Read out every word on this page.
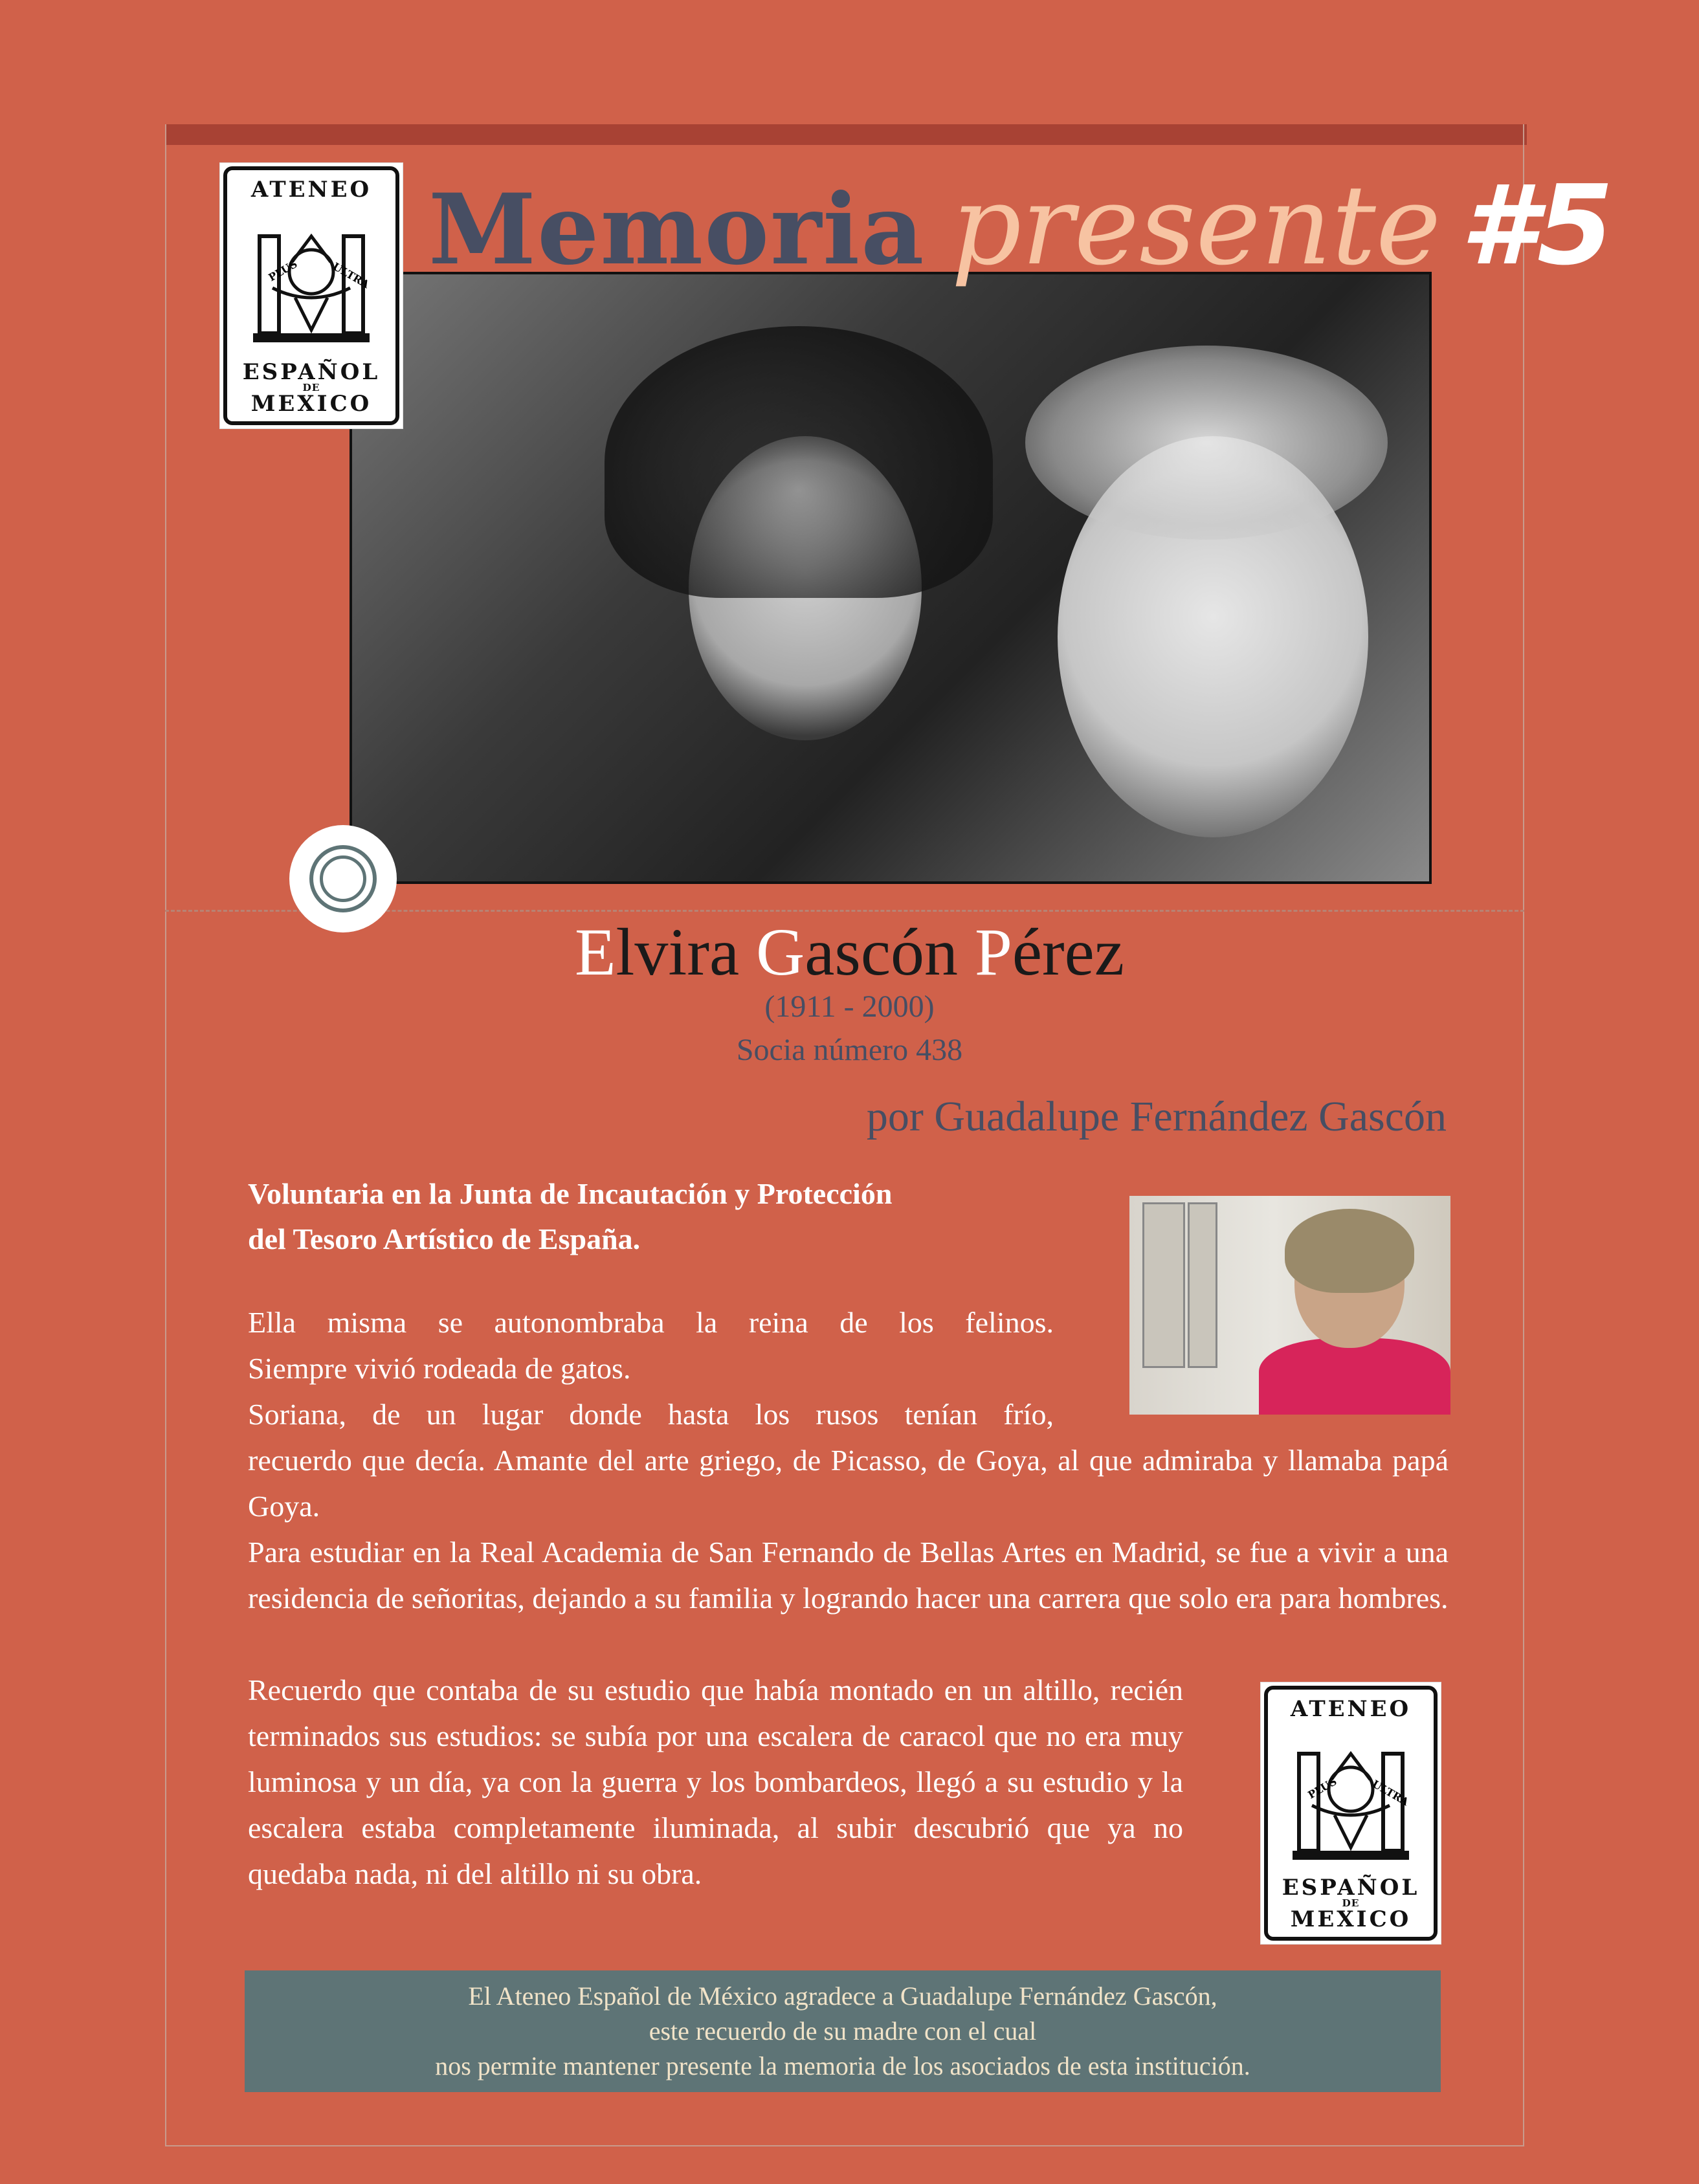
ATENEO
PLUS	ULTRA
ESPAÑOL
DE
MEXICO
Memoria presente #5
Elvira Gascón Pérez
(1911 - 2000)
Socia número 438
por Guadalupe Fernández Gascón
Voluntaria en la Junta de Incautación y Protección
del Tesoro Artístico de España.

Ella misma se autonombraba la reina de los felinos.

Siempre vivió rodeada de gatos.

Soriana, de un lugar donde hasta los rusos tenían frío,

recuerdo que decía. Amante del arte griego, de Picasso, de Goya, al que admiraba y llamaba papá Goya.

Para estudiar en la Real Academia de San Fernando de Bellas Artes en Madrid, se fue a vivir a una residencia de señoritas, dejando a su familia y logrando hacer una carrera que solo era para hombres.

Recuerdo que contaba de su estudio que había montado en un altillo, recién terminados sus estudios: se subía por una escalera de caracol que no era muy luminosa y un día, ya con la guerra y los bombardeos, llegó a su estudio y la escalera estaba completamente iluminada, al subir descubrió que ya no quedaba nada, ni del altillo ni su obra.

ATENEO
PLUS	ULTRA
ESPAÑOL
DE
MEXICO
El Ateneo Español de México agradece a Guadalupe Fernández Gascón,
este recuerdo de su madre con el cual
nos permite mantener presente la memoria de los asociados de esta institución.
